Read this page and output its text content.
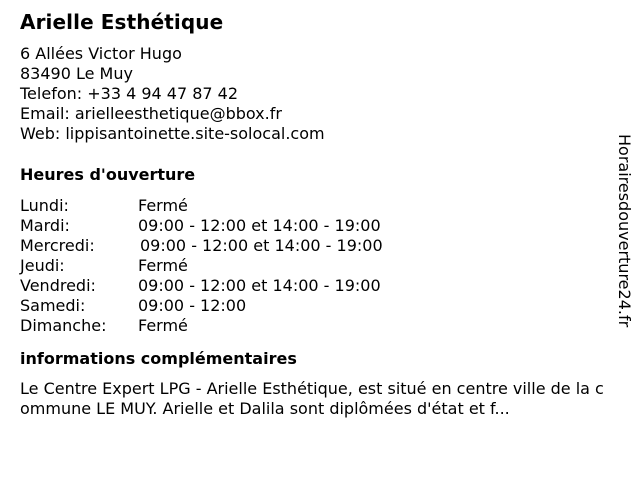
Arielle Esthétique
6 Allées Victor Hugo
83490 Le Muy
Telefon: +33 4 94 47 87 42
Email: arielleesthetique@bbox.fr
Web: lippisantoinette.site-solocal.com
Heures d'ouverture
Lundi:	Fermé
Mardi:	09:00 - 12:00 et 14:00 - 19:00
Mercredi:	09:00 - 12:00 et 14:00 - 19:00
Jeudi:	Fermé
Vendredi:	09:00 - 12:00 et 14:00 - 19:00
Samedi:	09:00 - 12:00
Dimanche: Fermé
informations complémentaires
Le Centre Expert LPG - Arielle Esthétique, est situé en centre ville de la commune LE MUY. Arielle et Dalila sont diplômées d'état et f...
Horairesdouverture24.fr
